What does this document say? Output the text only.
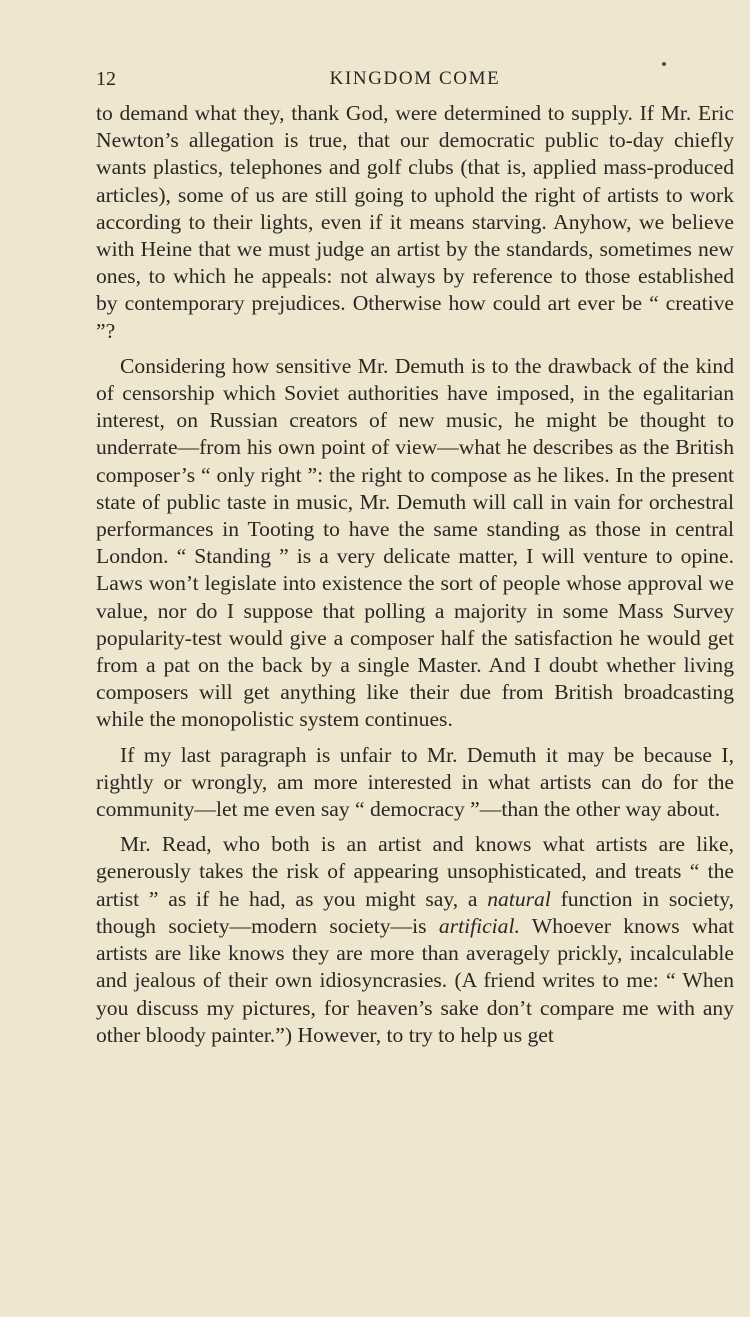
12	KINGDOM COME

to demand what they, thank God, were determined to supply. If Mr. Eric Newton’s allegation is true, that our democratic public to-day chiefly wants plastics, telephones and golf clubs (that is, applied mass-produced articles), some of us are still going to uphold the right of artists to work according to their lights, even if it means starving. Anyhow, we believe with Heine that we must judge an artist by the standards, sometimes new ones, to which he appeals: not always by reference to those established by contemporary prejudices. Otherwise how could art ever be “ creative ”?

Considering how sensitive Mr. Demuth is to the drawback of the kind of censorship which Soviet authorities have imposed, in the egalitarian interest, on Russian creators of new music, he might be thought to underrate—from his own point of view—what he describes as the British composer’s “ only right ”: the right to compose as he likes. In the present state of public taste in music, Mr. Demuth will call in vain for orchestral performances in Tooting to have the same standing as those in central London. “ Standing ” is a very delicate matter, I will venture to opine. Laws won’t legislate into existence the sort of people whose approval we value, nor do I suppose that polling a majority in some Mass Survey popularity-test would give a composer half the satisfaction he would get from a pat on the back by a single Master. And I doubt whether living composers will get anything like their due from British broadcasting while the monopolistic system continues.

If my last paragraph is unfair to Mr. Demuth it may be because I, rightly or wrongly, am more interested in what artists can do for the community—let me even say “ democracy ”—than the other way about.

Mr. Read, who both is an artist and knows what artists are like, generously takes the risk of appearing unsophisticated, and treats “ the artist ” as if he had, as you might say, a natural function in society, though society—modern society—is artificial. Whoever knows what artists are like knows they are more than averagely prickly, incalculable and jealous of their own idiosyncrasies. (A friend writes to me: “ When you discuss my pictures, for heaven’s sake don’t compare me with any other bloody painter.”) However, to try to help us get
